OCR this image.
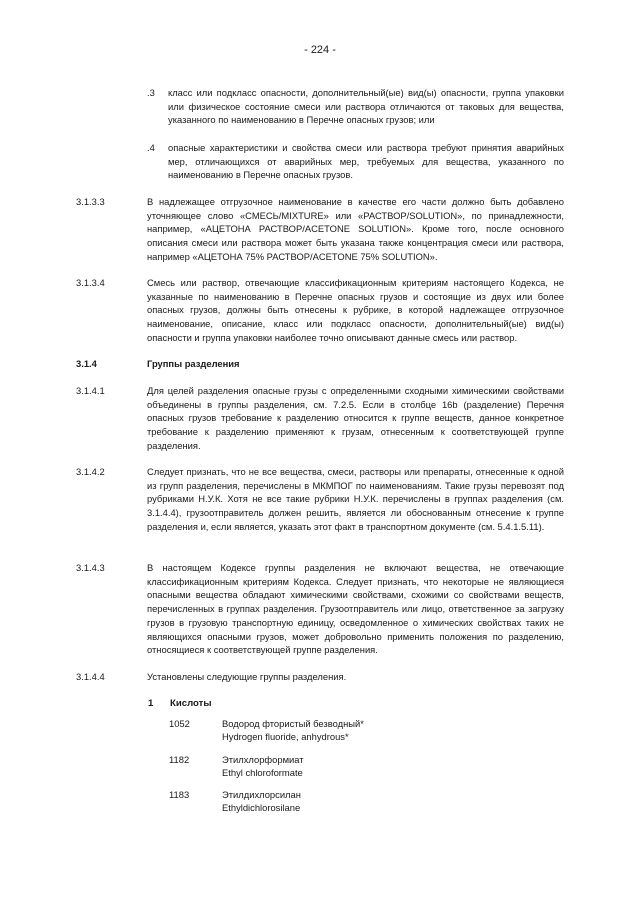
- 224 -
.3 класс или подкласс опасности, дополнительный(ые) вид(ы) опасности, группа упаковки или физическое состояние смеси или раствора отличаются от таковых для вещества, указанного по наименованию в Перечне опасных грузов; или
.4 опасные характеристики и свойства смеси или раствора требуют принятия аварийных мер, отличающихся от аварийных мер, требуемых для вещества, указанного по наименованию в Перечне опасных грузов.
3.1.3.3	В надлежащее отгрузочное наименование в качестве его части должно быть добавлено уточняющее слово «СМЕСЬ/MIXTURE» или «РАСТВОР/SOLUTION», по принадлежности, например, «АЦЕТОНА РАСТВОР/ACETONE SOLUTION». Кроме того, после основного описания смеси или раствора может быть указана также концентрация смеси или раствора, например «АЦЕТОНА 75% РАСТВОР/ACETONE 75% SOLUTION».
3.1.3.4	Смесь или раствор, отвечающие классификационным критериям настоящего Кодекса, не указанные по наименованию в Перечне опасных грузов и состоящие из двух или более опасных грузов, должны быть отнесены к рубрике, в которой надлежащее отгрузочное наименование, описание, класс или подкласс опасности, дополнительный(ые) вид(ы) опасности и группа упаковки наиболее точно описывают данные смесь или раствор.
3.1.4	Группы разделения
3.1.4.1	Для целей разделения опасные грузы с определенными сходными химическими свойствами объединены в группы разделения, см. 7.2.5. Если в столбце 16b (разделение) Перечня опасных грузов требование к разделению относится к группе веществ, данное конкретное требование к разделению применяют к грузам, отнесенным к соответствующей группе разделения.
3.1.4.2	Следует признать, что не все вещества, смеси, растворы или препараты, отнесенные к одной из групп разделения, перечислены в МКМПОГ по наименованиям. Такие грузы перевозят под рубриками Н.У.К. Хотя не все такие рубрики Н.У.К. перечислены в группах разделения (см. 3.1.4.4), грузоотправитель должен решить, является ли обоснованным отнесение к группе разделения и, если является, указать этот факт в транспортном документе (см. 5.4.1.5.11).
3.1.4.3	В настоящем Кодексе группы разделения не включают вещества, не отвечающие классификационным критериям Кодекса. Следует признать, что некоторые не являющиеся опасными вещества обладают химическими свойствами, схожими со свойствами веществ, перечисленных в группах разделения. Грузоотправитель или лицо, ответственное за загрузку грузов в грузовую транспортную единицу, осведомленное о химических свойствах таких не являющихся опасными грузов, может добровольно применить положения по разделению, относящиеся к соответствующей группе разделения.
3.1.4.4	Установлены следующие группы разделения.
1 Кислоты
1052	Водород фтористый безводный*
Hydrogen fluoride, anhydrous*
1182	Этилхлорформиат
Ethyl chloroformate
1183	Этилдихлорсилан
Ethyldichlorosilane
